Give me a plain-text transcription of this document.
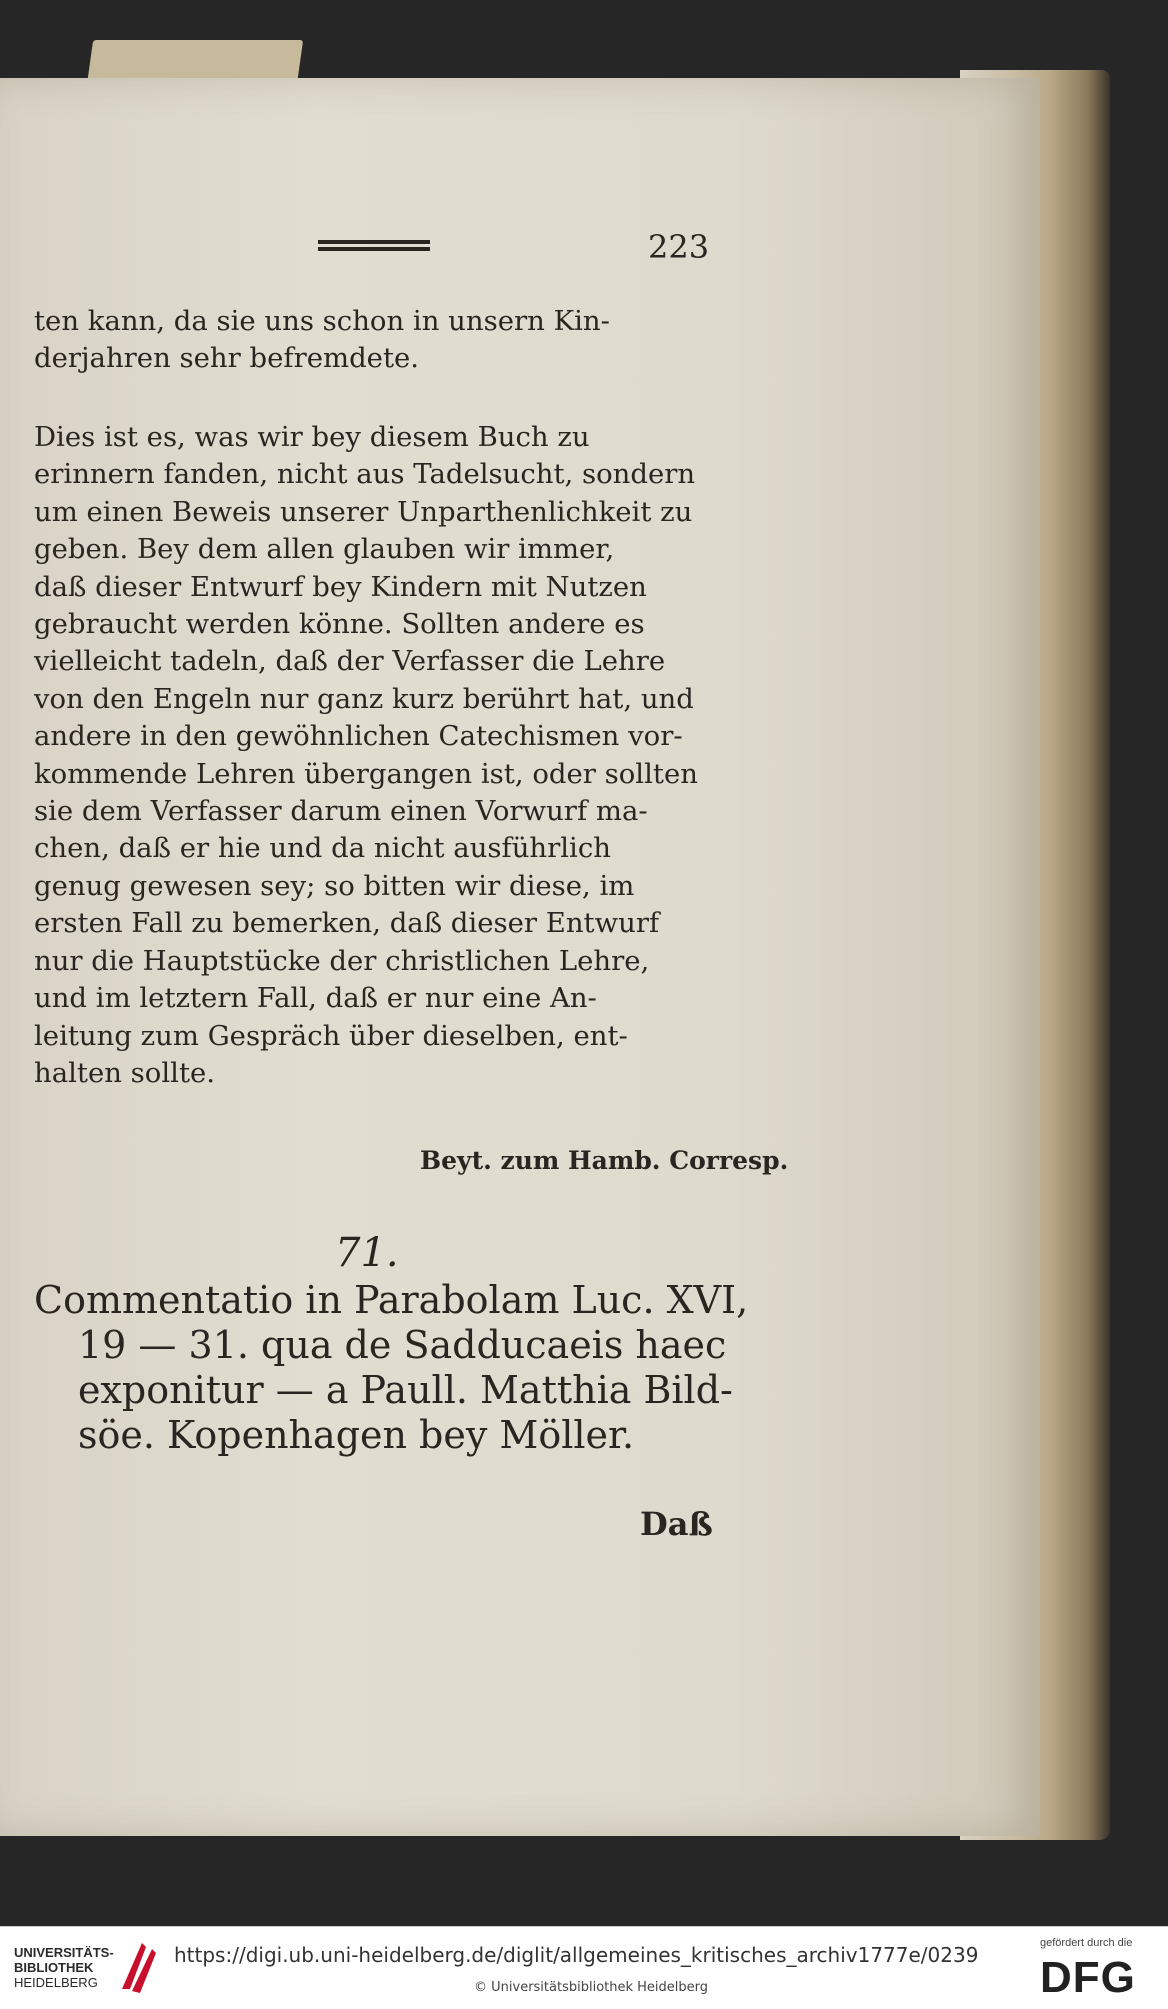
223

ten kann, da sie uns schon in unsern Kin-
derjahren sehr befremdete.

Dies ist es, was wir bey diesem Buch zu
erinnern fanden, nicht aus Tadelsucht, sondern
um einen Beweis unserer Unparthenlichkeit zu
geben. Bey dem allen glauben wir immer,
daß dieser Entwurf bey Kindern mit Nutzen
gebraucht werden könne. Sollten andere es
vielleicht tadeln, daß der Verfasser die Lehre
von den Engeln nur ganz kurz berührt hat, und
andere in den gewöhnlichen Catechismen vor-
kommende Lehren übergangen ist, oder sollten
sie dem Verfasser darum einen Vorwurf ma-
chen, daß er hie und da nicht ausführlich
genug gewesen sey; so bitten wir diese, im
ersten Fall zu bemerken, daß dieser Entwurf
nur die Hauptstücke der christlichen Lehre,
und im letztern Fall, daß er nur eine An-
leitung zum Gespräch über dieselben, ent-
halten sollte.

Beyt. zum Hamb. Corresp.
71.
Commentatio in Parabolam Luc. XVI,
19 — 31. qua de Sadducaeis haec
exponitur — a Paull. Matthia Bild-
söe. Kopenhagen bey Möller.
Daß
UNIVERSITÄTS-
BIBLIOTHEK
HEIDELBERG
https://digi.ub.uni-heidelberg.de/diglit/allgemeines_kritisches_archiv1777e/0239
© Universitätsbibliothek Heidelberg
gefördert durch die
DFG
